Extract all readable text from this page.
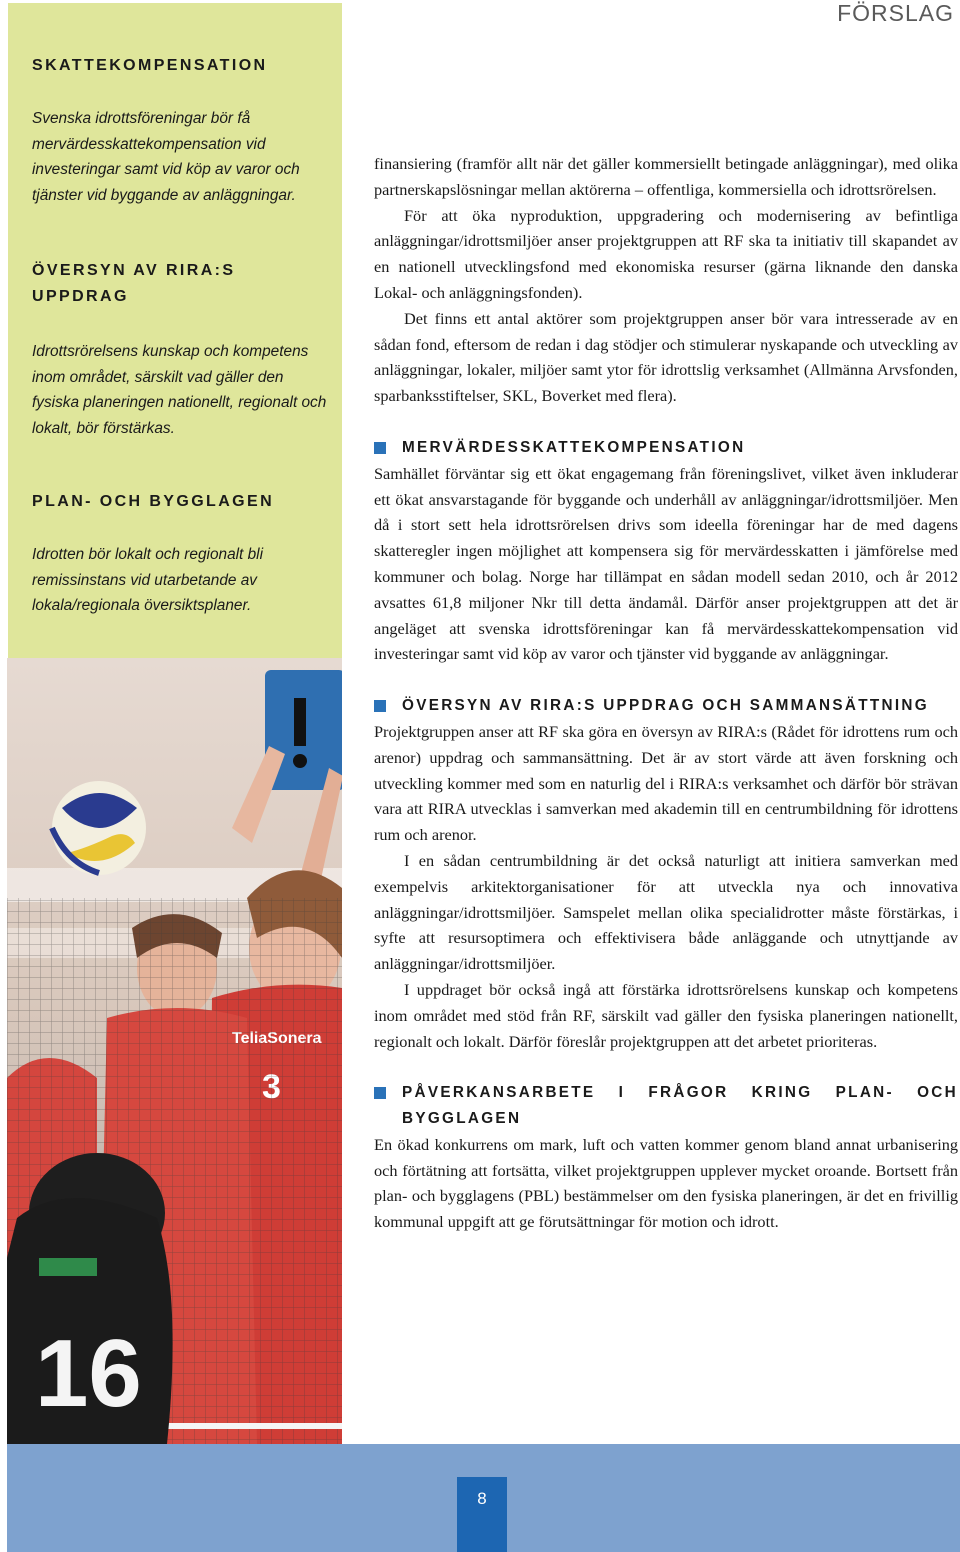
FÖRSLAG
SKATTEKOMPENSATION

Svenska idrottsföreningar bör få mervärdesskattekompensation vid investeringar samt vid köp av varor och tjänster vid byggande av anläggningar.

ÖVERSYN AV RIRA:S UPPDRAG

Idrottsrörelsens kunskap och kompetens inom området, särskilt vad gäller den fysiska planeringen nationellt, regionalt och lokalt, bör förstärkas.

PLAN- OCH BYGGLAGEN

Idrotten bör lokalt och regionalt bli remissinstans vid utarbetande av lokala/regionala översiktsplaner.

16
8

finansiering (framför allt när det gäller kommersiellt betingade anläggningar), med olika partnerskapslösningar mellan aktörerna – offentliga, kommersiella och idrottsrörelsen.

För att öka nyproduktion, uppgradering och modernisering av befintliga anläggningar/idrottsmiljöer anser projektgruppen att RF ska ta initiativ till skapandet av en nationell utvecklingsfond med ekonomiska resurser (gärna liknande den danska Lokal- och anläggningsfonden).

Det finns ett antal aktörer som projektgruppen anser bör vara intresserade av en sådan fond, eftersom de redan i dag stödjer och stimulerar nyskapande och utveckling av anläggningar, lokaler, miljöer samt ytor för idrottslig verksamhet (Allmänna Arvsfonden, sparbanksstiftelser, SKL, Boverket med flera).

MERVÄRDESSKATTEKOMPENSATION

Samhället förväntar sig ett ökat engagemang från föreningslivet, vilket även inkluderar ett ökat ansvarstagande för byggande och underhåll av anläggningar/idrottsmiljöer. Men då i stort sett hela idrottsrörelsen drivs som ideella föreningar har de med dagens skatteregler ingen möjlighet att kompensera sig för mervärdesskatten i jämförelse med kommuner och bolag. Norge har tillämpat en sådan modell sedan 2010, och år 2012 avsattes 61,8 miljoner Nkr till detta ändamål. Därför anser projektgruppen att det är angeläget att svenska idrottsföreningar kan få mervärdesskattekompensation vid investeringar samt vid köp av varor och tjänster vid byggande av anläggningar.

ÖVERSYN AV RIRA:S UPPDRAG OCH SAMMANSÄTTNING

Projektgruppen anser att RF ska göra en översyn av RIRA:s (Rådet för idrottens rum och arenor) uppdrag och sammansättning. Det är av stort värde att även forskning och utveckling kommer med som en naturlig del i RIRA:s verksamhet och därför bör strävan vara att RIRA utvecklas i samverkan med akademin till en centrumbildning för idrottens rum och arenor.

I en sådan centrumbildning är det också naturligt att initiera samverkan med exempelvis arkitektorganisationer för att utveckla nya och innovativa anläggningar/idrottsmiljöer. Samspelet mellan olika specialidrotter måste förstärkas, i syfte att resursoptimera och effektivisera både anläggande och utnyttjande av anläggningar/idrottsmiljöer.

I uppdraget bör också ingå att förstärka idrottsrörelsens kunskap och kompetens inom området med stöd från RF, särskilt vad gäller den fysiska planeringen nationellt, regionalt och lokalt. Därför föreslår projektgruppen att det arbetet prioriteras.

PÅVERKANSARBETE I FRÅGOR KRING PLAN- OCH BYGGLAGEN

En ökad konkurrens om mark, luft och vatten kommer genom bland annat urbanisering och förtätning att fortsätta, vilket projektgruppen upplever mycket oroande. Bortsett från plan- och bygglagens (PBL) bestämmelser om den fysiska planeringen, är det en frivillig kommunal uppgift att ge förutsättningar för motion och idrott.
